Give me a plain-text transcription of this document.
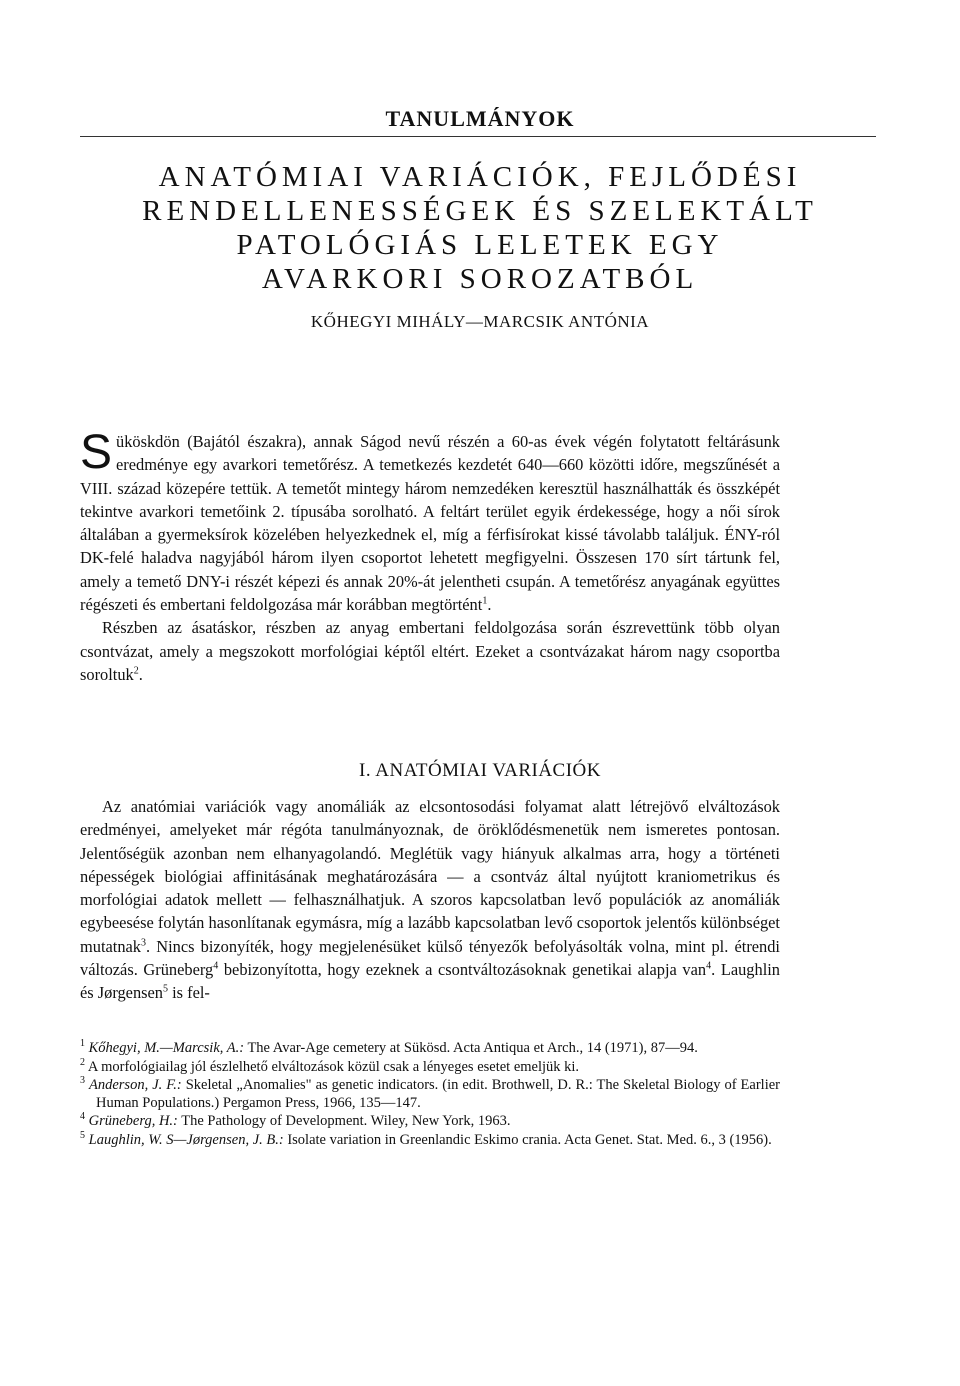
TANULMÁNYOK
ANATÓMIAI VARIÁCIÓK, FEJLŐDÉSI
RENDELLENESSÉGEK ÉS SZELEKTÁLT
PATOLÓGIÁS LELETEK EGY
AVARKORI SOROZATBÓL
KŐHEGYI MIHÁLY—MARCSIK ANTÓNIA

Süköskdön (Bajától északra), annak Ságod nevű részén a 60-as évek végén folytatott feltárásunk eredménye egy avarkori temetőrész. A temetkezés kezdetét 640—660 közötti időre, megszűnését a VIII. század közepére tettük. A temetőt mintegy három nemzedéken keresztül használhatták és összképét tekintve avarkori temetőink 2. típusába sorolható. A feltárt terület egyik érdekessége, hogy a női sírok általában a gyermeksírok közelében helyezkednek el, míg a férfisírokat kissé távolabb találjuk. ÉNY-ról DK-felé haladva nagyjából három ilyen csoportot lehetett megfigyelni. Összesen 170 sírt tártunk fel, amely a temető DNY-i részét képezi és annak 20%-át jelentheti csupán. A temetőrész anyagának együttes régészeti és embertani feldolgozása már korábban megtörtént$^1$.

Részben az ásatáskor, részben az anyag embertani feldolgozása során észrevettünk több olyan csontvázat, amely a megszokott morfológiai képtől eltért. Ezeket a csontvázakat három nagy csoportba soroltuk$^2$.

I. ANATÓMIAI VARIÁCIÓK

Az anatómiai variációk vagy anomáliák az elcsontosodási folyamat alatt létrejövő elváltozások eredményei, amelyeket már régóta tanulmányoznak, de öröklődésmenetük nem ismeretes pontosan. Jelentőségük azonban nem elhanyagolandó. Meglétük vagy hiányuk alkalmas arra, hogy a történeti népességek biológiai affinitásának meghatározására — a csontváz által nyújtott kraniometrikus és morfológiai adatok mellett — felhasználhatjuk. A szoros kapcsolatban levő populációk az anomáliák egybeesése folytán hasonlítanak egymásra, míg a lazább kapcsolatban levő csoportok jelentős különbséget mutatnak$^3$. Nincs bizonyíték, hogy megjelenésüket külső tényezők befolyásolták volna, mint pl. étrendi változás. Grüneberg$^4$ bebizonyította, hogy ezeknek a csontváltozásoknak genetikai alapja van$^4$. Laughlin és Jørgensen$^5$ is fel-

$^1$ Kőhegyi, M.—Marcsik, A.: The Avar-Age cemetery at Sükösd. Acta Antiqua et Arch., 14 (1971), 87—94.

$^2$ A morfológiailag jól észlelhető elváltozások közül csak a lényeges esetet emeljük ki.

$^3$ Anderson, J. F.: Skeletal „Anomalies" as genetic indicators. (in edit. Brothwell, D. R.: The Skeletal Biology of Earlier Human Populations.) Pergamon Press, 1966, 135—147.

$^4$ Grüneberg, H.: The Pathology of Development. Wiley, New York, 1963.

$^5$ Laughlin, W. S—Jørgensen, J. B.: Isolate variation in Greenlandic Eskimo crania. Acta Genet. Stat. Med. 6., 3 (1956).
